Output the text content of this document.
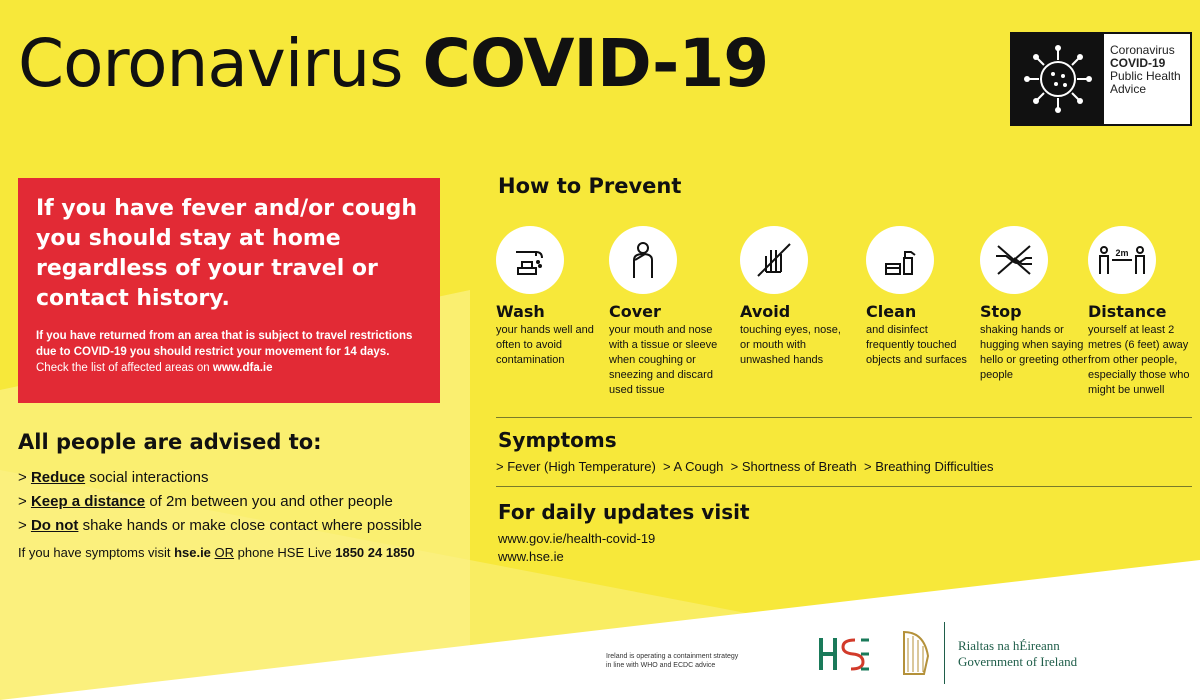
Coronavirus COVID-19	Coronavirus
COVID-19
Public Health
Advice
If you have fever and/or cough you should stay at home regardless of your travel or contact history.
If you have returned from an area that is subject to travel restrictions due to COVID-19 you should restrict your movement for 14 days.
Check the list of affected areas on www.dfa.ie
All people are advised to:
> Reduce social interactions
> Keep a distance of 2m between you and other people
> Do not shake hands or make close contact where possible
If you have symptoms visit hse.ie OR phone HSE Live 1850 24 1850
How to Prevent
Wash
your hands well and often to avoid contamination
Cover
your mouth and nose with a tissue or sleeve when coughing or sneezing and discard used tissue
Avoid
touching eyes, nose, or mouth with unwashed hands
Clean
and disinfect frequently touched objects and surfaces
Stop
shaking hands or hugging when saying hello or greeting other people
2m
Distance
yourself at least 2 metres (6 feet) away from other people, especially those who might be unwell
Symptoms
> Fever (High Temperature)  > A Cough  > Shortness of Breath  > Breathing Difficulties
For daily updates visit
www.gov.ie/health-covid-19
www.hse.ie
Ireland is operating a containment strategy
in line with WHO and ECDC advice
Rialtas na hÉireann
Government of Ireland
